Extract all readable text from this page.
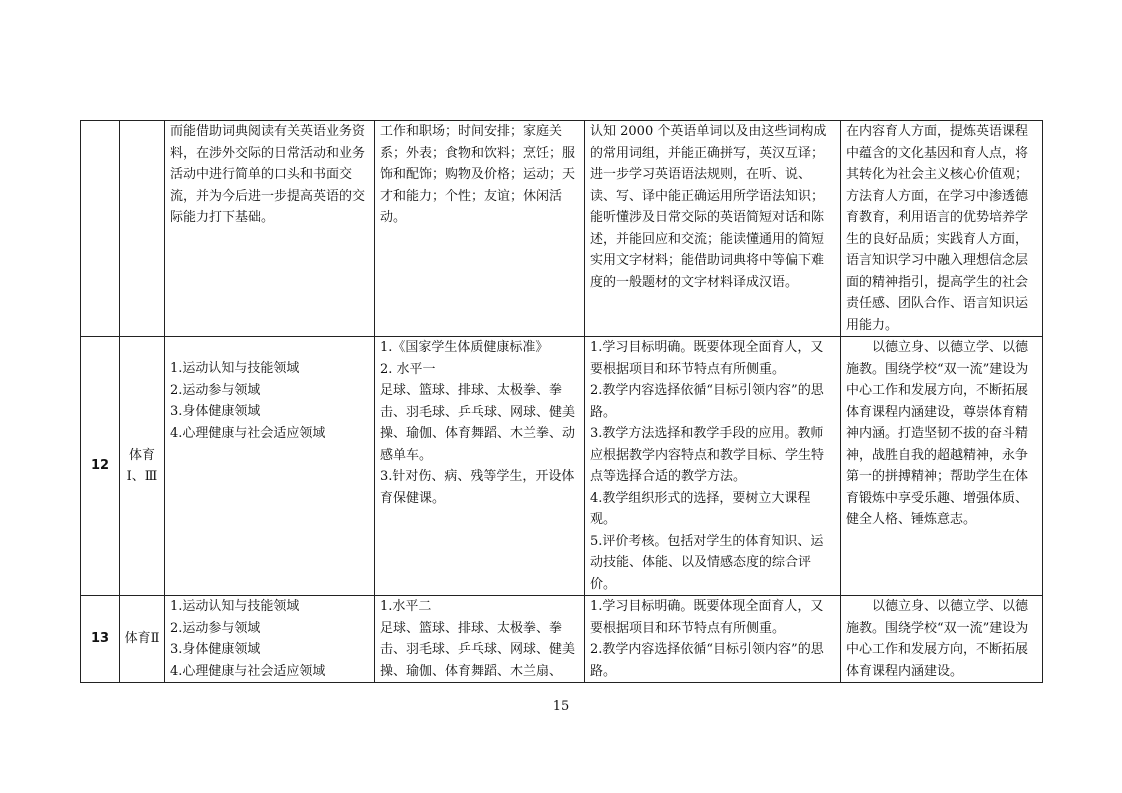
		而能借助词典阅读有关英语业务资料，在涉外交际的日常活动和业务活动中进行简单的口头和书面交流，并为今后进一步提高英语的交际能力打下基础。	工作和职场；时间安排；家庭关系；外表；食物和饮料；烹饪；服饰和配饰；购物及价格；运动；天才和能力；个性；友谊；休闲活动。	认知 2000 个英语单词以及由这些词构成的常用词组，并能正确拼写，英汉互译；进一步学习英语语法规则，在听、说、读、写、译中能正确运用所学语法知识；能听懂涉及日常交际的英语简短对话和陈述，并能回应和交流；能读懂通用的简短实用文字材料；能借助词典将中等偏下难度的一般题材的文字材料译成汉语。	在内容育人方面，提炼英语课程中蕴含的文化基因和育人点，将其转化为社会主义核心价值观；方法育人方面，在学习中渗透德育教育，利用语言的优势培养学生的良好品质；实践育人方面，语言知识学习中融入理想信念层面的精神指引，提高学生的社会责任感、团队合作、语言知识运用能力。

12	体育Ⅰ、Ⅲ	1.运动认知与技能领域
2.运动参与领域
3.身体健康领域
4.心理健康与社会适应领域	1.《国家学生体质健康标准》
2. 水平一
足球、篮球、排球、太极拳、拳击、羽毛球、乒乓球、网球、健美操、瑜伽、体育舞蹈、木兰拳、动感单车。
3.针对伤、病、残等学生，开设体育保健课。	1.学习目标明确。既要体现全面育人，又要根据项目和环节特点有所侧重。
2.教学内容选择依循“目标引领内容”的思路。
3.教学方法选择和教学手段的应用。教师应根据教学内容特点和教学目标、学生特点等选择合适的教学方法。
4.教学组织形式的选择，要树立大课程观。
5.评价考核。包括对学生的体育知识、运动技能、体能、以及情感态度的综合评价。	以德立身、以德立学、以德施教。围绕学校“双一流”建设为中心工作和发展方向，不断拓展体育课程内涵建设，尊崇体育精神内涵。打造坚韧不拔的奋斗精神，战胜自我的超越精神，永争第一的拼搏精神；帮助学生在体育锻炼中享受乐趣、增强体质、健全人格、锤炼意志。

13	体育Ⅱ	1.运动认知与技能领域
2.运动参与领域
3.身体健康领域
4.心理健康与社会适应领域	1.水平二
足球、篮球、排球、太极拳、拳击、羽毛球、乒乓球、网球、健美操、瑜伽、体育舞蹈、木兰扇、	1.学习目标明确。既要体现全面育人，又要根据项目和环节特点有所侧重。
2.教学内容选择依循“目标引领内容”的思路。	以德立身、以德立学、以德施教。围绕学校“双一流”建设为中心工作和发展方向，不断拓展体育课程内涵建设。
15
